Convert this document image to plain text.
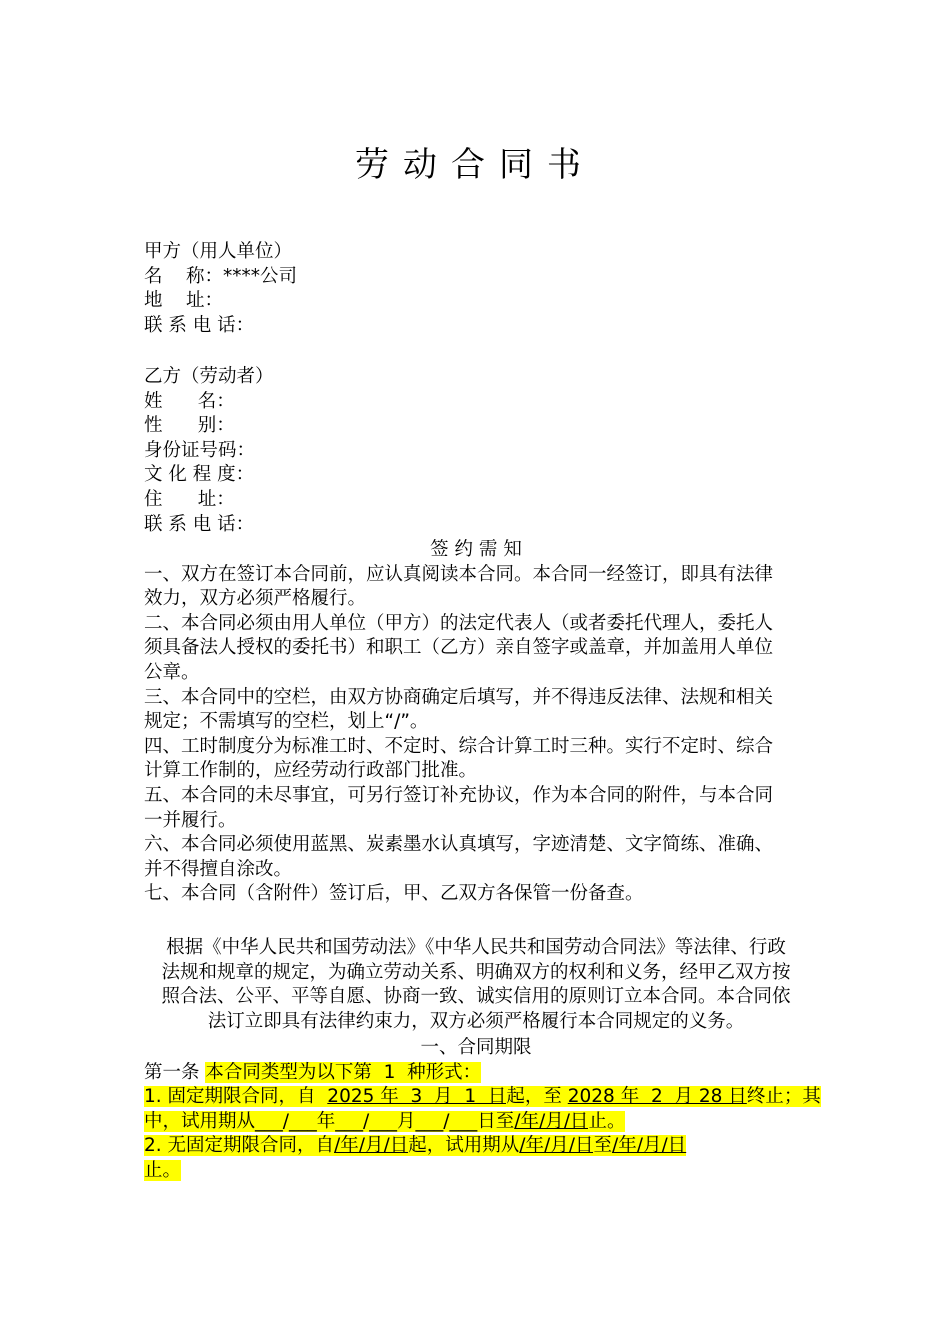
劳动合同书
甲方（用人单位）
名    称：****公司
地    址：
联 系 电 话：
乙方（劳动者）
姓      名：
性      别：
身份证号码：
文 化 程 度：
住      址：
联 系 电 话：
签 约 需 知
一、双方在签订本合同前，应认真阅读本合同。本合同一经签订，即具有法律
效力，双方必须严格履行。
二、本合同必须由用人单位（甲方）的法定代表人（或者委托代理人，委托人
须具备法人授权的委托书）和职工（乙方）亲自签字或盖章，并加盖用人单位
公章。
三、本合同中的空栏，由双方协商确定后填写，并不得违反法律、法规和相关
规定；不需填写的空栏，划上“/”。
四、工时制度分为标准工时、不定时、综合计算工时三种。实行不定时、综合
计算工作制的，应经劳动行政部门批准。
五、本合同的未尽事宜，可另行签订补充协议，作为本合同的附件，与本合同
一并履行。
六、本合同必须使用蓝黑、炭素墨水认真填写，字迹清楚、文字简练、准确、
并不得擅自涂改。
七、本合同（含附件）签订后，甲、乙双方各保管一份备查。
根据《中华人民共和国劳动法》《中华人民共和国劳动合同法》等法律、行政
法规和规章的规定，为确立劳动关系、明确双方的权利和义务，经甲乙双方按
照合法、公平、平等自愿、协商一致、诚实信用的原则订立本合同。本合同依
法订立即具有法律约束力，双方必须严格履行本合同规定的义务。
一、合同期限
第一条 本合同类型为以下第  1  种形式：
1. 固定期限合同，自  2025 年  3  月  1  日起，至 2028 年  2  月 28 日终止；其
中，试用期从___/___年___/___月___/___日至/年/月/日止。
2. 无固定期限合同，自/年/月/日起，试用期从/年/月/日至/年/月/日
止。
